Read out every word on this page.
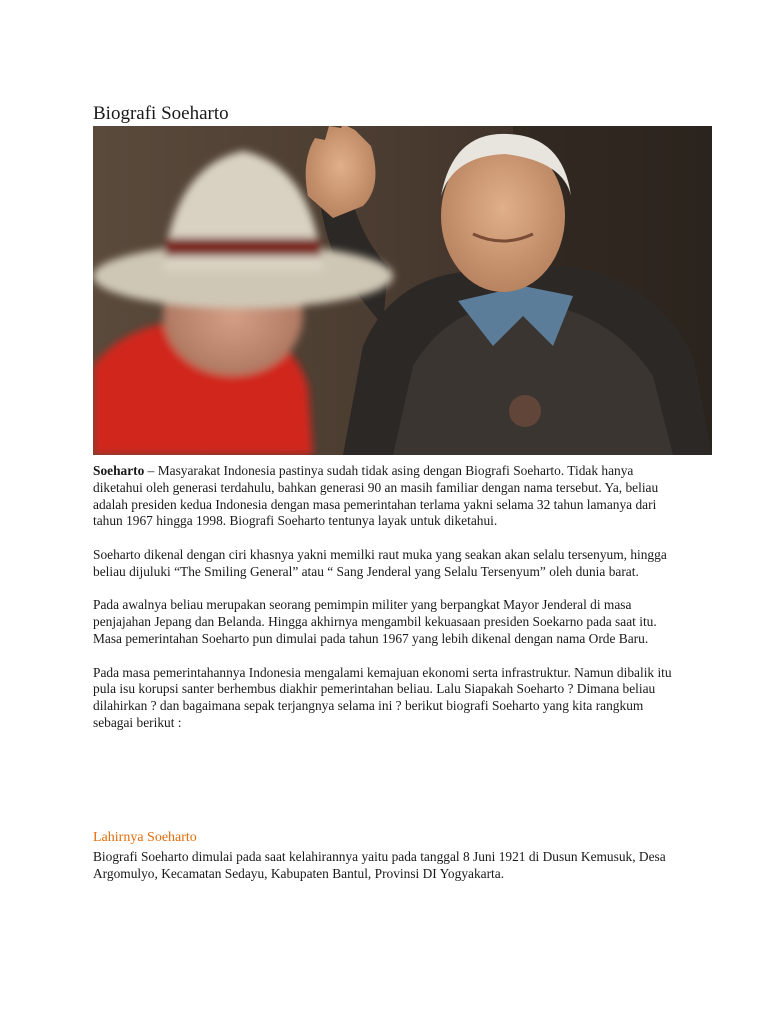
Biografi Soeharto

Soeharto – Masyarakat Indonesia pastinya sudah tidak asing dengan Biografi Soeharto. Tidak hanya diketahui oleh generasi terdahulu, bahkan generasi 90 an masih familiar dengan nama tersebut. Ya, beliau adalah presiden kedua Indonesia dengan masa pemerintahan terlama yakni selama 32 tahun lamanya dari tahun 1967 hingga 1998. Biografi Soeharto tentunya layak untuk diketahui.

Soeharto dikenal dengan ciri khasnya yakni memilki raut muka yang seakan akan selalu tersenyum, hingga beliau dijuluki “The Smiling General” atau “ Sang Jenderal yang Selalu Tersenyum” oleh dunia barat.

Pada awalnya beliau merupakan seorang pemimpin militer yang berpangkat Mayor Jenderal di masa penjajahan Jepang dan Belanda. Hingga akhirnya mengambil kekuasaan presiden Soekarno pada saat itu. Masa pemerintahan Soeharto pun dimulai pada tahun 1967 yang lebih dikenal dengan nama Orde Baru.

Pada masa pemerintahannya Indonesia mengalami kemajuan ekonomi serta infrastruktur. Namun dibalik itu pula isu korupsi santer berhembus diakhir pemerintahan beliau. Lalu Siapakah Soeharto ? Dimana beliau dilahirkan ? dan bagaimana sepak terjangnya selama ini ? berikut biografi Soeharto yang kita rangkum sebagai berikut :

Lahirnya Soeharto
Biografi Soeharto dimulai pada saat kelahirannya yaitu pada tanggal 8 Juni 1921 di Dusun Kemusuk, Desa Argomulyo, Kecamatan Sedayu, Kabupaten Bantul, Provinsi DI Yogyakarta.
